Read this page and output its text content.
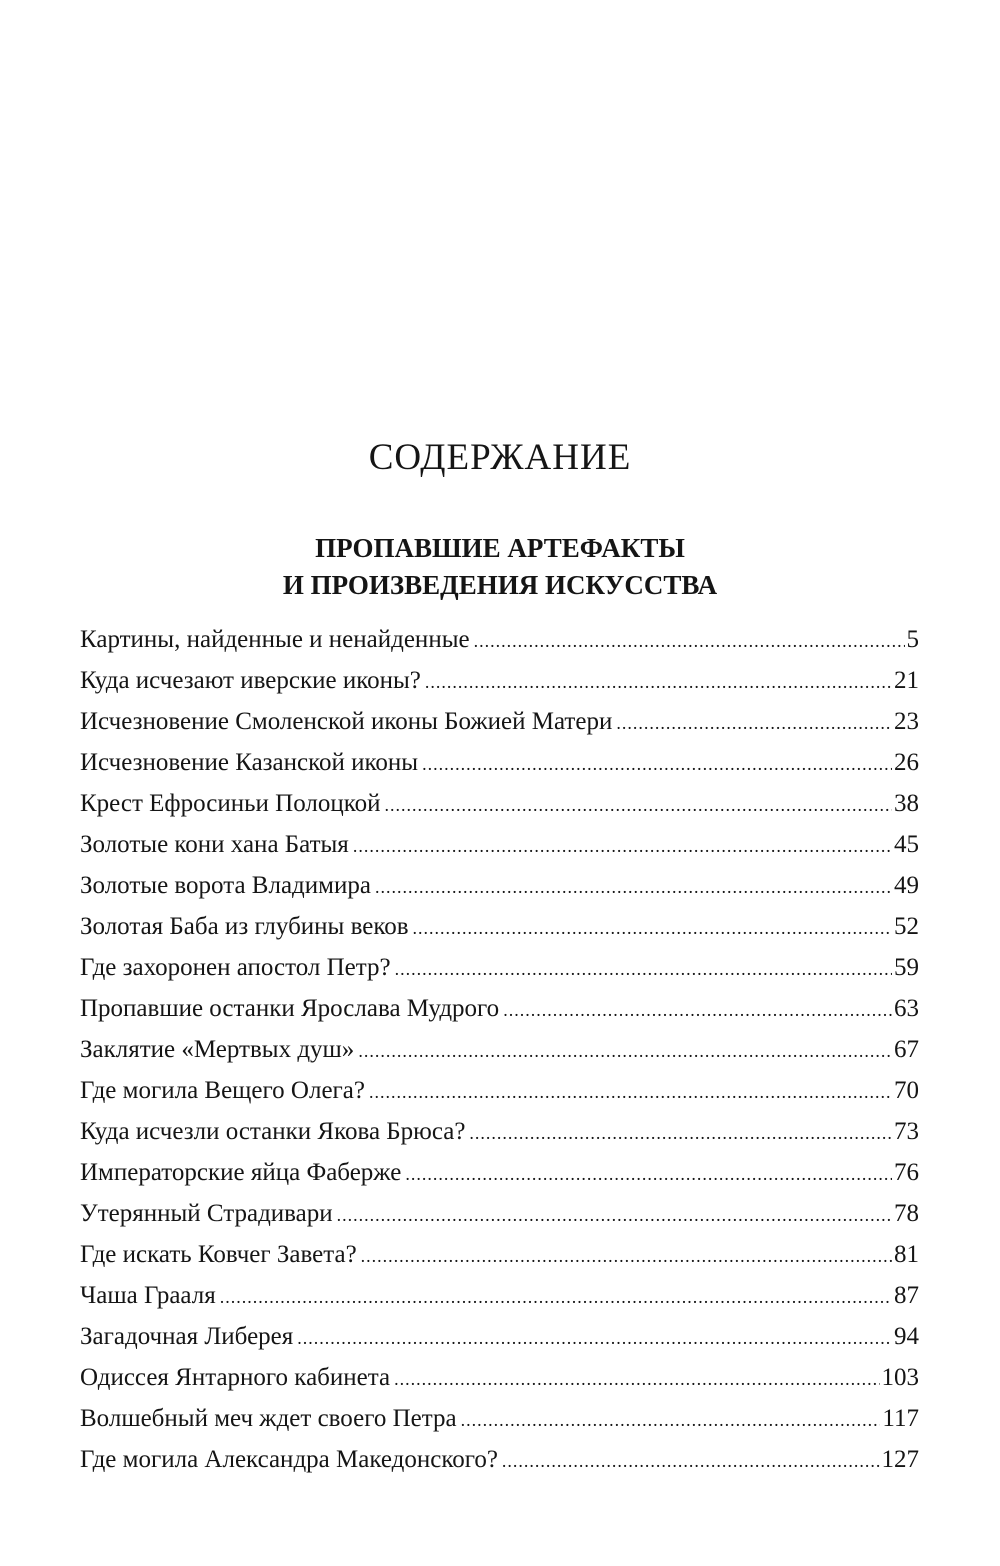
СОДЕРЖАНИЕ
ПРОПАВШИЕ АРТЕФАКТЫ
И ПРОИЗВЕДЕНИЯ ИСКУССТВА
Картины, найденные и ненайденные .....	5
Куда исчезают иверские иконы? .....	21
Исчезновение Смоленской иконы Божией Матери .....	23
Исчезновение Казанской иконы .....	26
Крест Ефросиньи Полоцкой .....	38
Золотые кони хана Батыя .....	45
Золотые ворота Владимира .....	49
Золотая Баба из глубины веков .....	52
Где захоронен апостол Петр? .....	59
Пропавшие останки Ярослава Мудрого .....	63
Заклятие «Мертвых душ» .....	67
Где могила Вещего Олега? .....	70
Куда исчезли останки Якова Брюса? .....	73
Императорские яйца Фаберже .....	76
Утерянный Страдивари .....	78
Где искать Ковчег Завета? .....	81
Чаша Грааля .....	87
Загадочная Либерея .....	94
Одиссея Янтарного кабинета .....	103
Волшебный меч ждет своего Петра .....	117
Где могила Александра Македонского? .....	127
